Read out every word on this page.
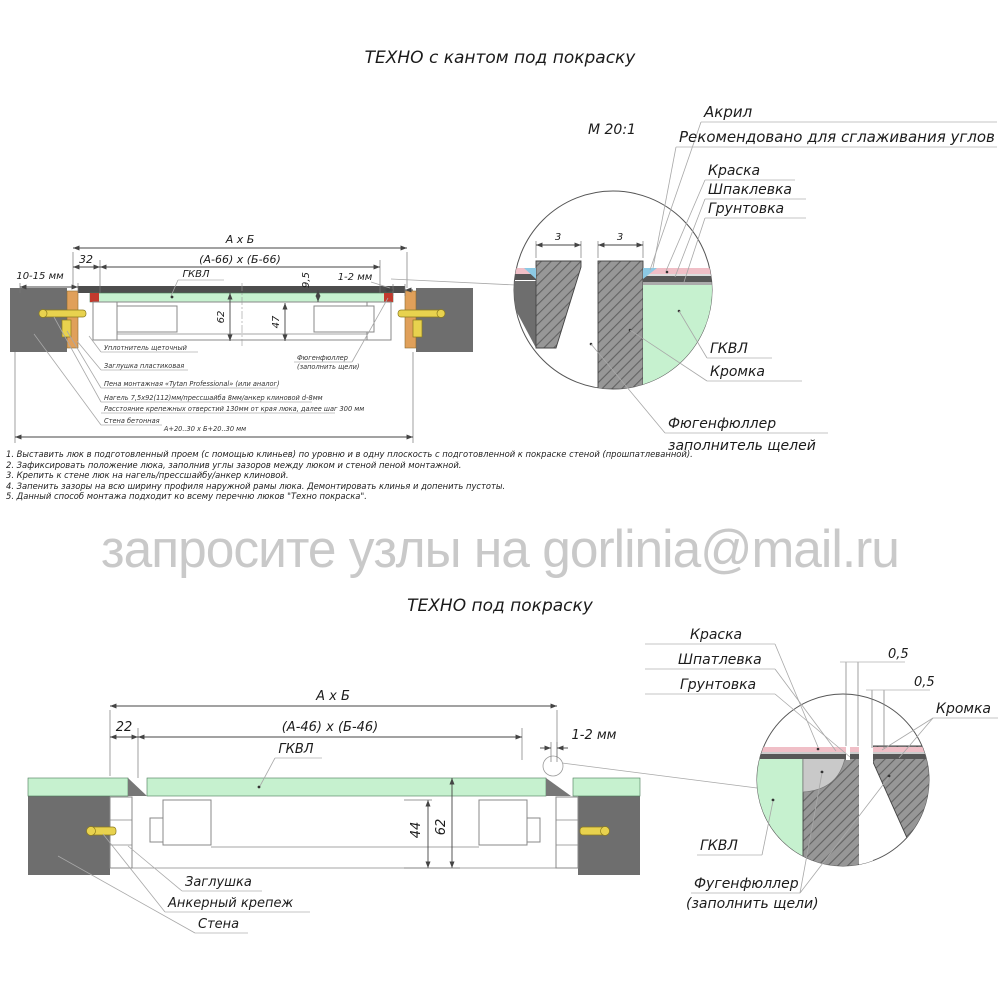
ТЕХНО с кантом под покраску
А х Б
32	(А-66) х (Б-66)
10-15 мм	ГКВЛ	9,5	1-2 мм
62	47
А+20..30 х Б+20..30 мм
Уплотнитель щеточный
Заглушка пластиковая
Пена монтажная «Tytan Professional» (или аналог)
Нагель 7,5х92(112)мм/прессшайба 8мм/анкер клиновой d-8мм
Расстояние крепежных отверстий 130мм от края люка, далее шаг 300 мм
Стена бетонная
Фюгенфюллер
(заполнить щели)
3	3
М 20:1
Акрил
Рекомендовано для сглаживания углов
Краска
Шпаклевка
Грунтовка
ГКВЛ
Кромка
Фюгенфюллер
заполнитель щелей
А х Б
22	(А-46) х (Б-46)
1-2 мм
ГКВЛ
44 62
Заглушка
Анкерный крепеж
Стена
0,5
0,5
Краска
Шпатлевка
Грунтовка
Кромка
ГКВЛ
Фугенфюллер
(заполнить щели)
1. Выставить люк в подготовленный проем (с помощью клиньев) по уровню и в одну плоскость с подготовленной к покраске стеной (прошпатлеванной).
2. Зафиксировать положение люка, заполнив углы зазоров между люком и стеной пеной монтажной.
3. Крепить к стене люк на нагель/прессшайбу/анкер клиновой.
4. Запенить зазоры на всю ширину профиля наружной рамы люка. Демонтировать клинья и допенить пустоты.
5. Данный способ монтажа подходит ко всему перечню люков "Техно покраска".
запросите узлы на gorlinia@mail.ru
ТЕХНО под покраску
